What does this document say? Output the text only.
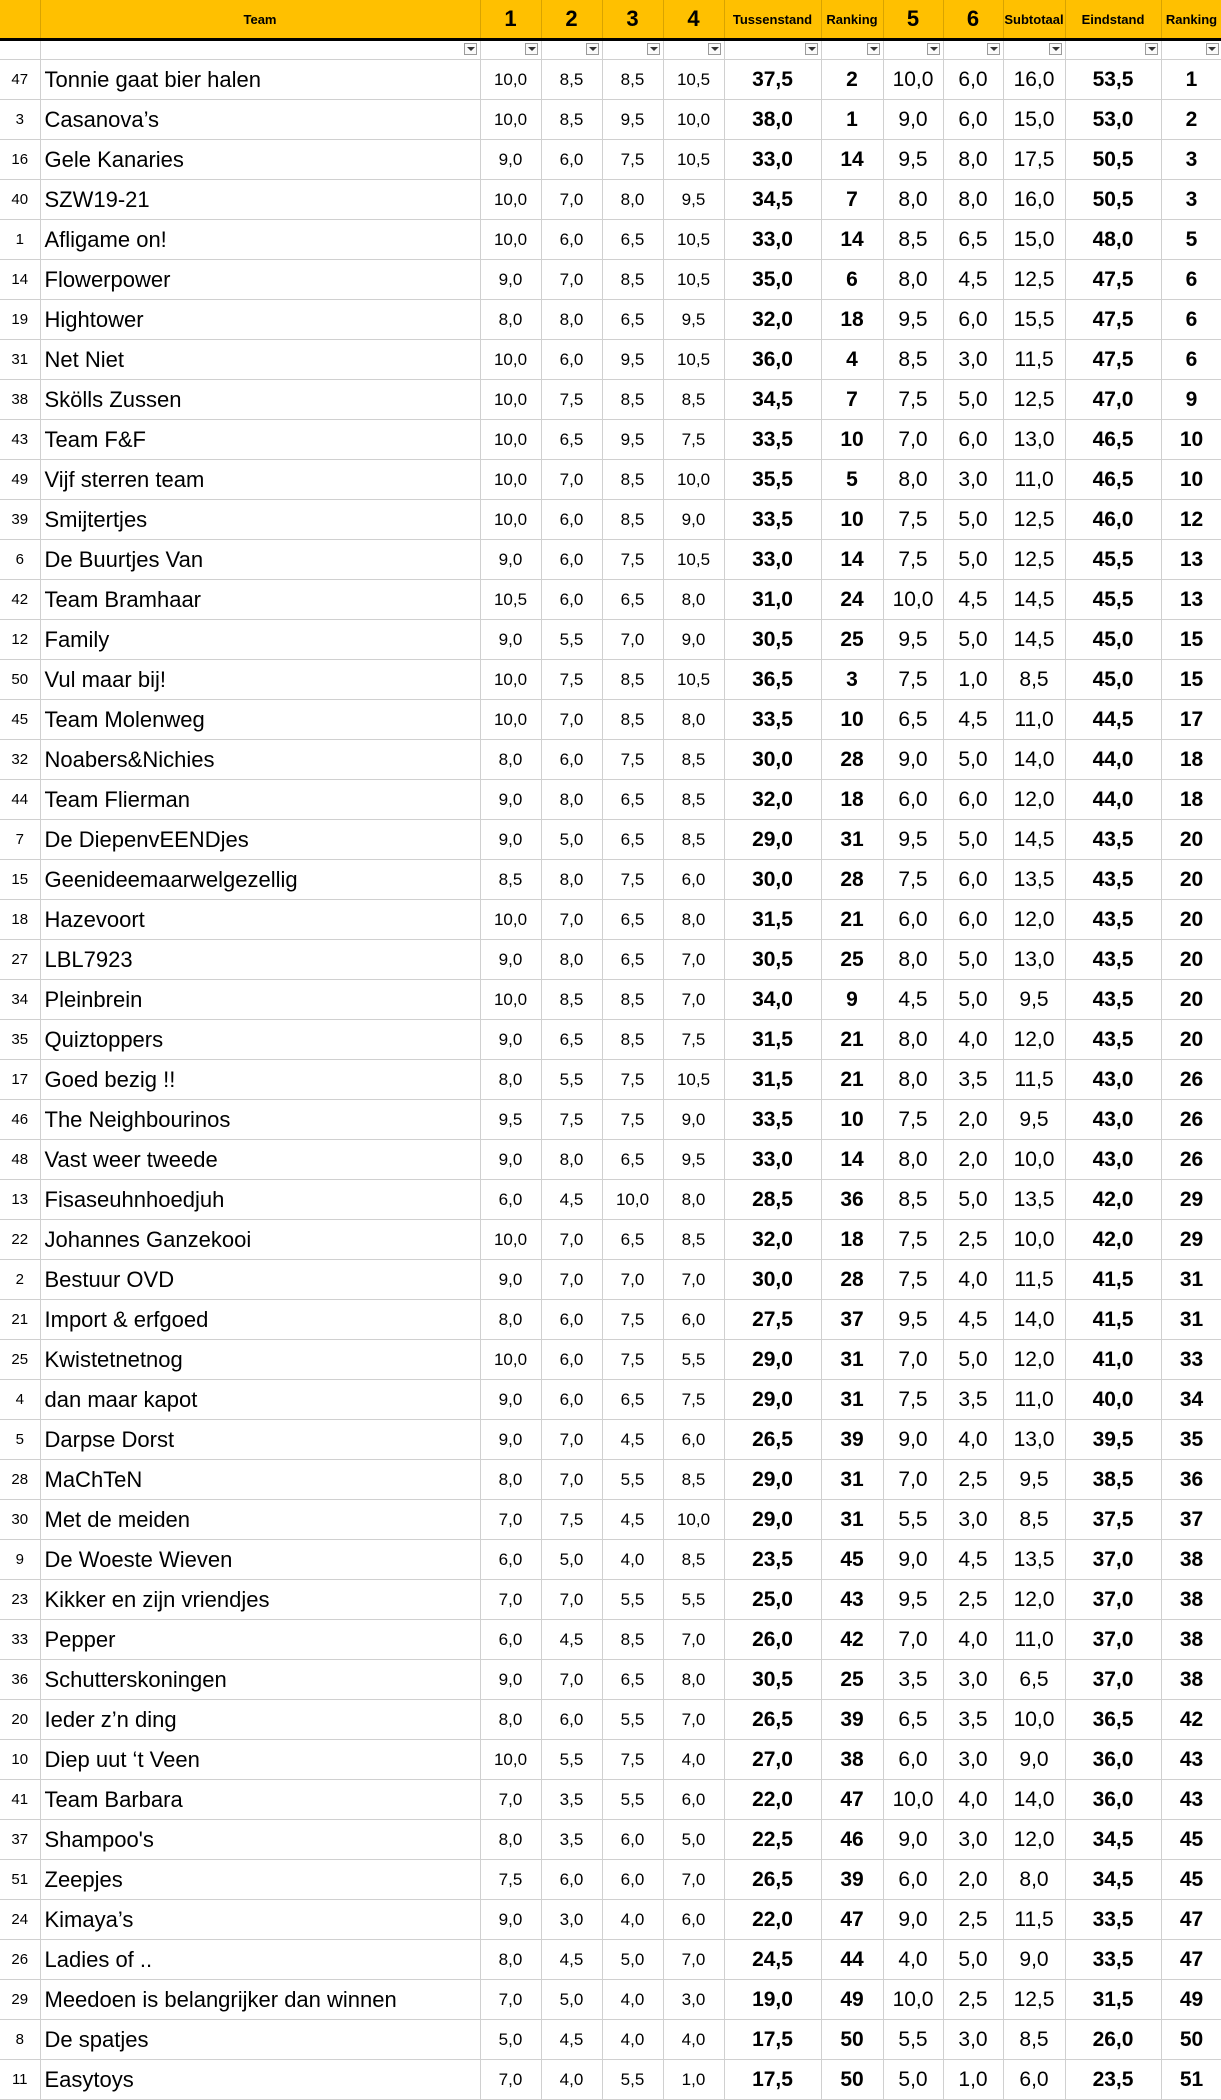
	Team	1	2	3	4	Tussenstand	Ranking	5	6	Subtotaal	Eindstand	Ranking

47	Tonnie gaat bier halen	10,0	8,5	8,5	10,5	37,5	2	10,0	6,0	16,0	53,5	1
3	Casanova’s	10,0	8,5	9,5	10,0	38,0	1	9,0	6,0	15,0	53,0	2
16	Gele Kanaries	9,0	6,0	7,5	10,5	33,0	14	9,5	8,0	17,5	50,5	3
40	SZW19-21	10,0	7,0	8,0	9,5	34,5	7	8,0	8,0	16,0	50,5	3
1	Afligame on!	10,0	6,0	6,5	10,5	33,0	14	8,5	6,5	15,0	48,0	5
14	Flowerpower	9,0	7,0	8,5	10,5	35,0	6	8,0	4,5	12,5	47,5	6
19	Hightower	8,0	8,0	6,5	9,5	32,0	18	9,5	6,0	15,5	47,5	6
31	Net Niet	10,0	6,0	9,5	10,5	36,0	4	8,5	3,0	11,5	47,5	6
38	Skölls Zussen	10,0	7,5	8,5	8,5	34,5	7	7,5	5,0	12,5	47,0	9
43	Team F&F	10,0	6,5	9,5	7,5	33,5	10	7,0	6,0	13,0	46,5	10
49	Vijf sterren team	10,0	7,0	8,5	10,0	35,5	5	8,0	3,0	11,0	46,5	10
39	Smijtertjes	10,0	6,0	8,5	9,0	33,5	10	7,5	5,0	12,5	46,0	12
6	De Buurtjes Van	9,0	6,0	7,5	10,5	33,0	14	7,5	5,0	12,5	45,5	13
42	Team Bramhaar	10,5	6,0	6,5	8,0	31,0	24	10,0	4,5	14,5	45,5	13
12	Family	9,0	5,5	7,0	9,0	30,5	25	9,5	5,0	14,5	45,0	15
50	Vul maar bij!	10,0	7,5	8,5	10,5	36,5	3	7,5	1,0	8,5	45,0	15
45	Team Molenweg	10,0	7,0	8,5	8,0	33,5	10	6,5	4,5	11,0	44,5	17
32	Noabers&Nichies	8,0	6,0	7,5	8,5	30,0	28	9,0	5,0	14,0	44,0	18
44	Team Flierman	9,0	8,0	6,5	8,5	32,0	18	6,0	6,0	12,0	44,0	18
7	De DiepenvEENDjes	9,0	5,0	6,5	8,5	29,0	31	9,5	5,0	14,5	43,5	20
15	Geenideemaarwelgezellig	8,5	8,0	7,5	6,0	30,0	28	7,5	6,0	13,5	43,5	20
18	Hazevoort	10,0	7,0	6,5	8,0	31,5	21	6,0	6,0	12,0	43,5	20
27	LBL7923	9,0	8,0	6,5	7,0	30,5	25	8,0	5,0	13,0	43,5	20
34	Pleinbrein	10,0	8,5	8,5	7,0	34,0	9	4,5	5,0	9,5	43,5	20
35	Quiztoppers	9,0	6,5	8,5	7,5	31,5	21	8,0	4,0	12,0	43,5	20
17	Goed bezig !!	8,0	5,5	7,5	10,5	31,5	21	8,0	3,5	11,5	43,0	26
46	The Neighbourinos	9,5	7,5	7,5	9,0	33,5	10	7,5	2,0	9,5	43,0	26
48	Vast weer tweede	9,0	8,0	6,5	9,5	33,0	14	8,0	2,0	10,0	43,0	26
13	Fisaseuhnhoedjuh	6,0	4,5	10,0	8,0	28,5	36	8,5	5,0	13,5	42,0	29
22	Johannes Ganzekooi	10,0	7,0	6,5	8,5	32,0	18	7,5	2,5	10,0	42,0	29
2	Bestuur OVD	9,0	7,0	7,0	7,0	30,0	28	7,5	4,0	11,5	41,5	31
21	Import & erfgoed	8,0	6,0	7,5	6,0	27,5	37	9,5	4,5	14,0	41,5	31
25	Kwistetnetnog	10,0	6,0	7,5	5,5	29,0	31	7,0	5,0	12,0	41,0	33
4	dan maar kapot	9,0	6,0	6,5	7,5	29,0	31	7,5	3,5	11,0	40,0	34
5	Darpse Dorst	9,0	7,0	4,5	6,0	26,5	39	9,0	4,0	13,0	39,5	35
28	MaChTeN	8,0	7,0	5,5	8,5	29,0	31	7,0	2,5	9,5	38,5	36
30	Met de meiden	7,0	7,5	4,5	10,0	29,0	31	5,5	3,0	8,5	37,5	37
9	De Woeste Wieven	6,0	5,0	4,0	8,5	23,5	45	9,0	4,5	13,5	37,0	38
23	Kikker en zijn vriendjes	7,0	7,0	5,5	5,5	25,0	43	9,5	2,5	12,0	37,0	38
33	Pepper	6,0	4,5	8,5	7,0	26,0	42	7,0	4,0	11,0	37,0	38
36	Schutterskoningen	9,0	7,0	6,5	8,0	30,5	25	3,5	3,0	6,5	37,0	38
20	Ieder z’n ding	8,0	6,0	5,5	7,0	26,5	39	6,5	3,5	10,0	36,5	42
10	Diep uut ‘t Veen	10,0	5,5	7,5	4,0	27,0	38	6,0	3,0	9,0	36,0	43
41	Team Barbara	7,0	3,5	5,5	6,0	22,0	47	10,0	4,0	14,0	36,0	43
37	Shampoo's	8,0	3,5	6,0	5,0	22,5	46	9,0	3,0	12,0	34,5	45
51	Zeepjes	7,5	6,0	6,0	7,0	26,5	39	6,0	2,0	8,0	34,5	45
24	Kimaya’s	9,0	3,0	4,0	6,0	22,0	47	9,0	2,5	11,5	33,5	47
26	Ladies of ..	8,0	4,5	5,0	7,0	24,5	44	4,0	5,0	9,0	33,5	47
29	Meedoen is belangrijker dan winnen	7,0	5,0	4,0	3,0	19,0	49	10,0	2,5	12,5	31,5	49
8	De spatjes	5,0	4,5	4,0	4,0	17,5	50	5,5	3,0	8,5	26,0	50
11	Easytoys	7,0	4,0	5,5	1,0	17,5	50	5,0	1,0	6,0	23,5	51
